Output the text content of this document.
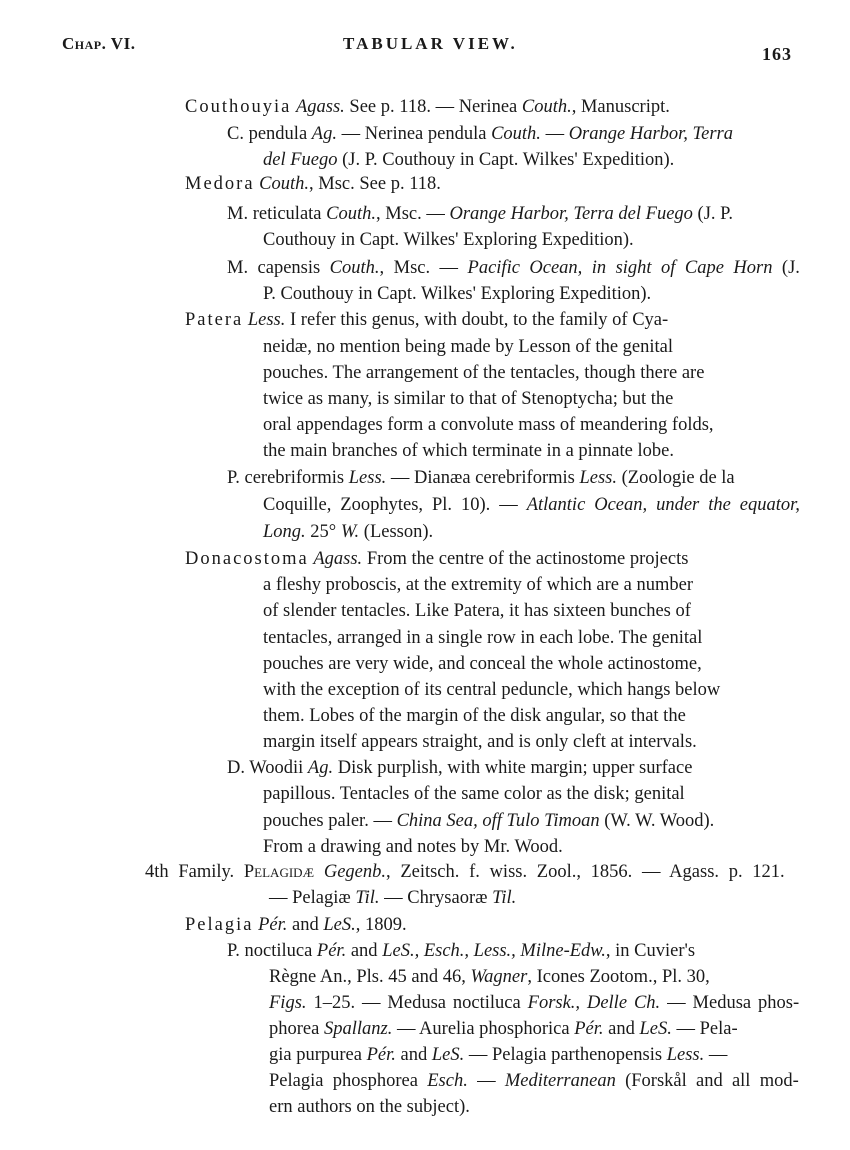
Chap. VI.	TABULAR VIEW.
163
Couthouyia Agass. See p. 118. — Nerinea Couth., Manuscript.
C. pendula Ag. — Nerinea pendula Couth. — Orange Harbor, Terra
del Fuego (J. P. Couthouy in Capt. Wilkes' Expedition).
Medora Couth., Msc. See p. 118.
M. reticulata Couth., Msc. — Orange Harbor, Terra del Fuego (J. P.
Couthouy in Capt. Wilkes' Exploring Expedition).
M. capensis Couth., Msc. — Pacific Ocean, in sight of Cape Horn (J.
P. Couthouy in Capt. Wilkes' Exploring Expedition).
Patera Less. I refer this genus, with doubt, to the family of Cya-
neidæ, no mention being made by Lesson of the genital
pouches. The arrangement of the tentacles, though there are
twice as many, is similar to that of Stenoptycha; but the
oral appendages form a convolute mass of meandering folds,
the main branches of which terminate in a pinnate lobe.
P. cerebriformis Less. — Dianæa cerebriformis Less. (Zoologie de la
Coquille, Zoophytes, Pl. 10). — Atlantic Ocean, under the equator,
Long. 25° W. (Lesson).
Donacostoma Agass. From the centre of the actinostome projects
a fleshy proboscis, at the extremity of which are a number
of slender tentacles. Like Patera, it has sixteen bunches of
tentacles, arranged in a single row in each lobe. The genital
pouches are very wide, and conceal the whole actinostome,
with the exception of its central peduncle, which hangs below
them. Lobes of the margin of the disk angular, so that the
margin itself appears straight, and is only cleft at intervals.
D. Woodii Ag. Disk purplish, with white margin; upper surface
papillous. Tentacles of the same color as the disk; genital
pouches paler. — China Sea, off Tulo Timoan (W. W. Wood).
From a drawing and notes by Mr. Wood.
4th Family. Pelagidæ Gegenb., Zeitsch. f. wiss. Zool., 1856. — Agass. p. 121.
— Pelagiæ Til. — Chrysaoræ Til.
Pelagia Pér. and LeS., 1809.
P. noctiluca Pér. and LeS., Esch., Less., Milne-Edw., in Cuvier's
Règne An., Pls. 45 and 46, Wagner, Icones Zootom., Pl. 30,
Figs. 1–25. — Medusa noctiluca Forsk., Delle Ch. — Medusa phos-
phorea Spallanz. — Aurelia phosphorica Pér. and LeS. — Pela-
gia purpurea Pér. and LeS. — Pelagia parthenopensis Less. —
Pelagia phosphorea Esch. — Mediterranean (Forskål and all mod-
ern authors on the subject).
